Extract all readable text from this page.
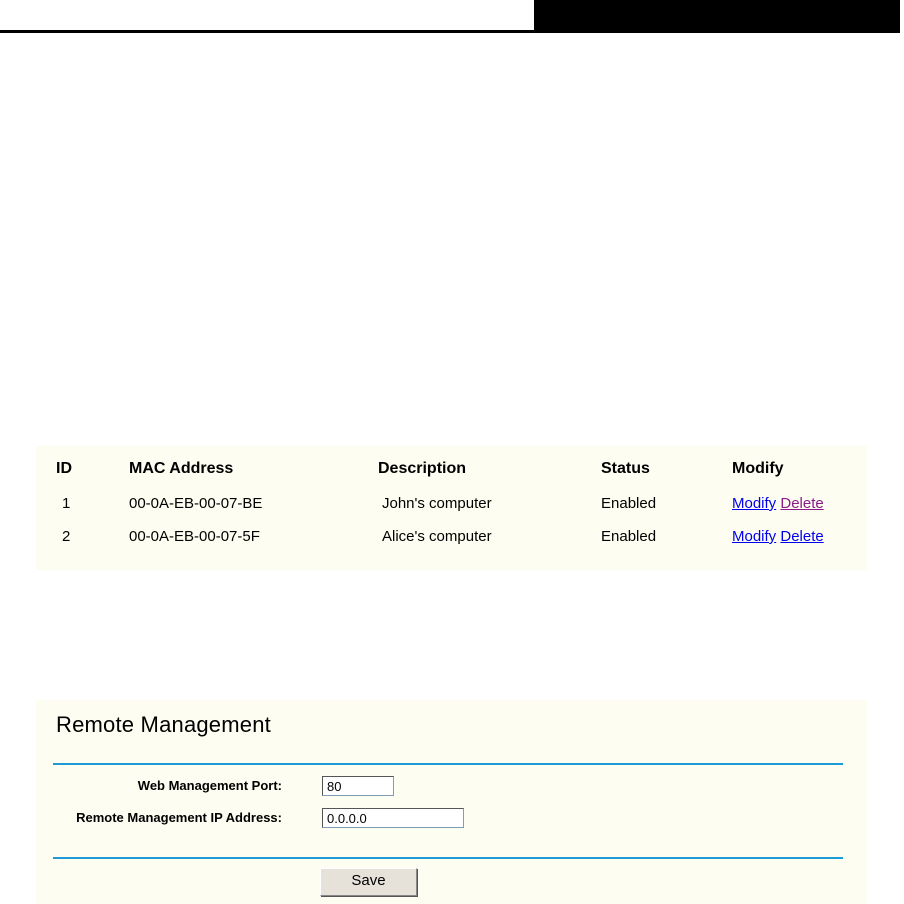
ID	MAC Address	Description	Status	Modify
1	00-0A-EB-00-07-BE	John's computer	Enabled	Modify Delete
2	00-0A-EB-00-07-5F	Alice's computer	Enabled	Modify Delete
Remote Management
Web Management Port:
80
Remote Management IP Address:
0.0.0.0
Save
